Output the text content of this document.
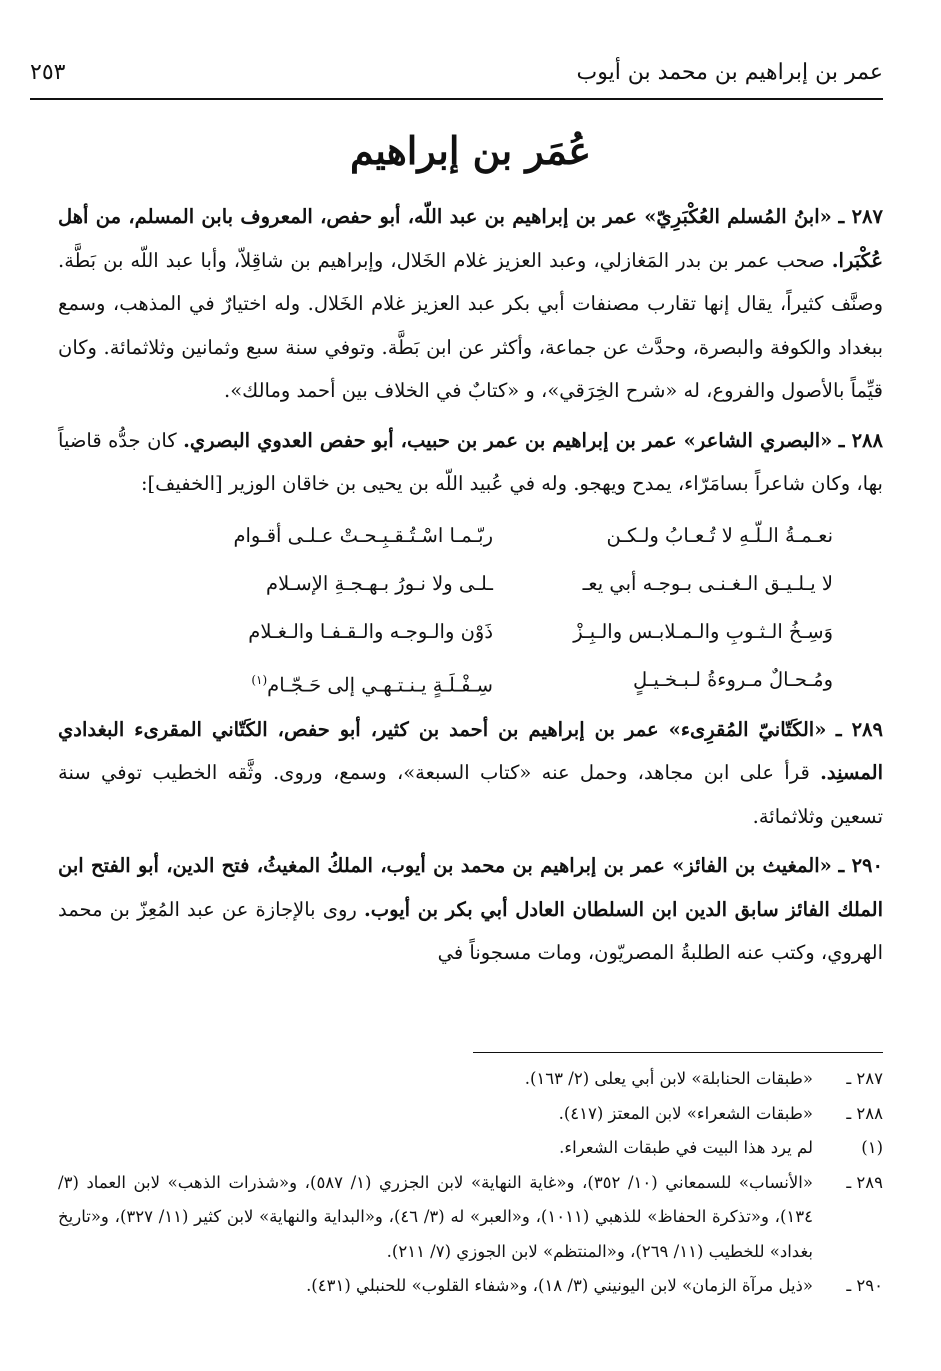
عمر بن إبراهيم بن محمد بن أيوب
٢٥٣
عُمَر بن إبراهيم

٢٨٧ ـ «ابنُ المُسلم العُكْبَرِيّ» عمر بن إبراهيم بن عبد اللّه، أبو حفص، المعروف بابن المسلم، من أهل عُكْبَرا. صحب عمر بن بدر المَغازلي، وعبد العزيز غلام الخَلال، وإبراهيم بن شاقِلاّ، وأبا عبد اللّه بن بَطَّة. وصنَّف كثيراً، يقال إنها تقارب مصنفات أبي بكر عبد العزيز غلام الخَلال. وله اختيارٌ في المذهب، وسمع ببغداد والكوفة والبصرة، وحدَّث عن جماعة، وأكثر عن ابن بَطَّة. وتوفي سنة سبع وثمانين وثلاثمائة. وكان قيِّماً بالأصول والفروع، له «شرح الخِرَقي»، و «كتابٌ في الخلاف بين أحمد ومالك».

٢٨٨ ـ «البصري الشاعر» عمر بن إبراهيم بن عمر بن حبيب، أبو حفص العدوي البصري. كان جدُّه قاضياً بها، وكان شاعراً بسامَرّاء، يمدح ويهجو. وله في عُبيد اللّه بن يحيى بن خاقان الوزير [الخفيف]:

نعـمـةُ الـلّـهِ لا تُـعـابُ ولـكـن
ربّـمـا اسْـتُـقـبِـحـتْ عـلـى أقـوام
لا يـلـيـق الـغـنـى بـوجـه أبي يعـ
ـلـى ولا نـورُ بـهـجـةِ الإسـلام
وَسِـخُ الـثـوبِ والـمـلابـس والـبِـزْ
ذَوْن والـوجـه والـقـفـا والـغـلام
ومُـحـالٌ مـروءةُ لـبـخـيـلٍ
سِـفْـلَـةٍ يـنـتـهـي إلى حَـجّـام$^{(١)}$

٢٨٩ ـ «الكَتّانيّ المُقرِىء» عمر بن إبراهيم بن أحمد بن كثير، أبو حفص، الكَتّاني المقرىء البغدادي المسنِد. قرأ على ابن مجاهد، وحمل عنه «كتاب السبعة»، وسمع، وروى. وثَّقه الخطيب توفي سنة تسعين وثلاثمائة.

٢٩٠ ـ «المغيث بن الفائز» عمر بن إبراهيم بن محمد بن أيوب، الملكُ المغيثُ، فتح الدين، أبو الفتح ابن الملك الفائز سابق الدين ابن السلطان العادل أبي بكر بن أيوب. روى بالإجازة عن عبد المُعِزّ بن محمد الهروي، وكتب عنه الطلبةُ المصريّون، ومات مسجوناً في

٢٨٧ ـ
«طبقات الحنابلة» لابن أبي يعلى (٢/ ١٦٣).
٢٨٨ ـ
«طبقات الشعراء» لابن المعتز (٤١٧).
(١)
لم يرد هذا البيت في طبقات الشعراء.
٢٨٩ ـ
«الأنساب» للسمعاني (١٠/ ٣٥٢)، و«غاية النهاية» لابن الجزري (١/ ٥٨٧)، و«شذرات الذهب» لابن العماد (٣/ ١٣٤)، و«تذكرة الحفاظ» للذهبي (١٠١١)، و«العبر» له (٣/ ٤٦)، و«البداية والنهاية» لابن كثير (١١/ ٣٢٧)، و«تاريخ بغداد» للخطيب (١١/ ٢٦٩)، و«المنتظم» لابن الجوزي (٧/ ٢١١).
٢٩٠ ـ
«ذيل مرآة الزمان» لابن اليونيني (٣/ ١٨)، و«شفاء القلوب» للحنبلي (٤٣١).
